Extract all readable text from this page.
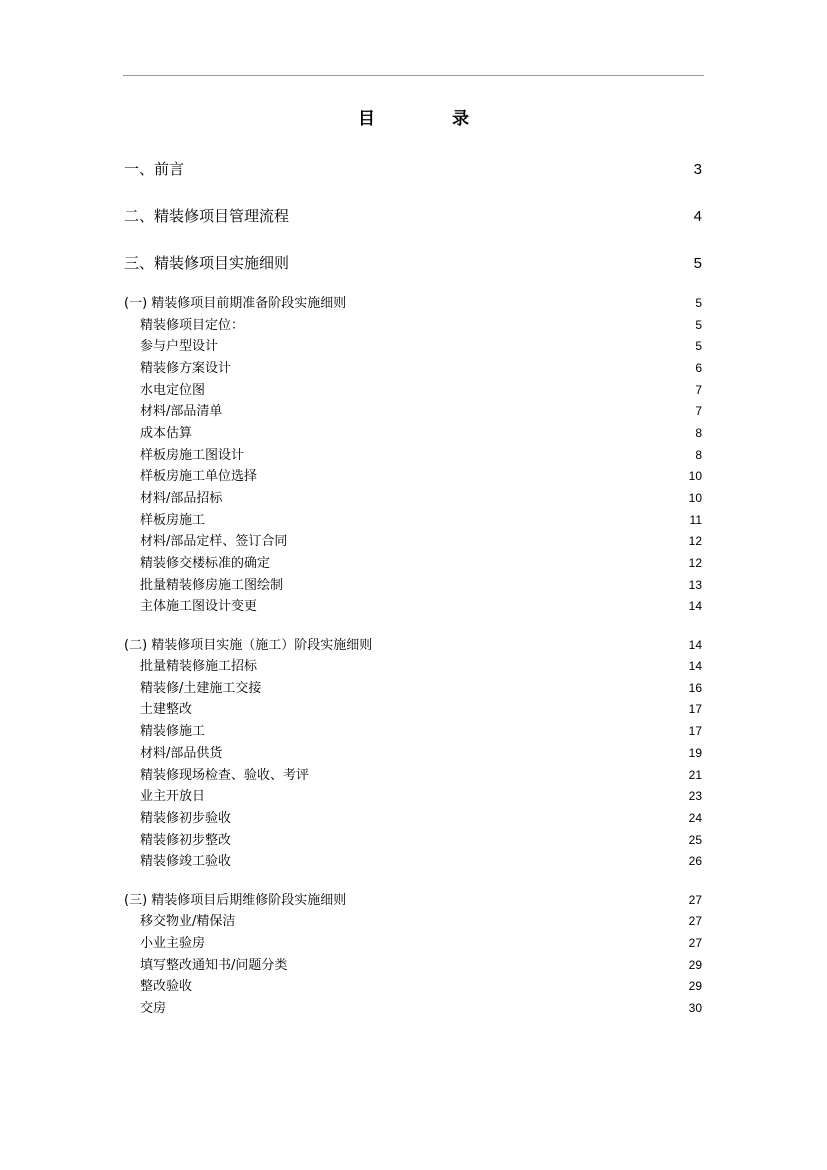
目　录
一、前言	3
二、精装修项目管理流程	4
三、精装修项目实施细则	5
(一) 精装修项目前期准备阶段实施细则	5
精装修项目定位：	5
参与户型设计	5
精装修方案设计	6
水电定位图	7
材料/部品清单	7
成本估算	8
样板房施工图设计	8
样板房施工单位选择	10
材料/部品招标	10
样板房施工	11
材料/部品定样、签订合同	12
精装修交楼标准的确定	12
批量精装修房施工图绘制	13
主体施工图设计变更	14
(二) 精装修项目实施（施工）阶段实施细则	14
批量精装修施工招标	14
精装修/土建施工交接	16
土建整改	17
精装修施工	17
材料/部品供货	19
精装修现场检查、验收、考评	21
业主开放日	23
精装修初步验收	24
精装修初步整改	25
精装修竣工验收	26
(三) 精装修项目后期维修阶段实施细则	27
移交物业/精保洁	27
小业主验房	27
填写整改通知书/问题分类	29
整改验收	29
交房	30
